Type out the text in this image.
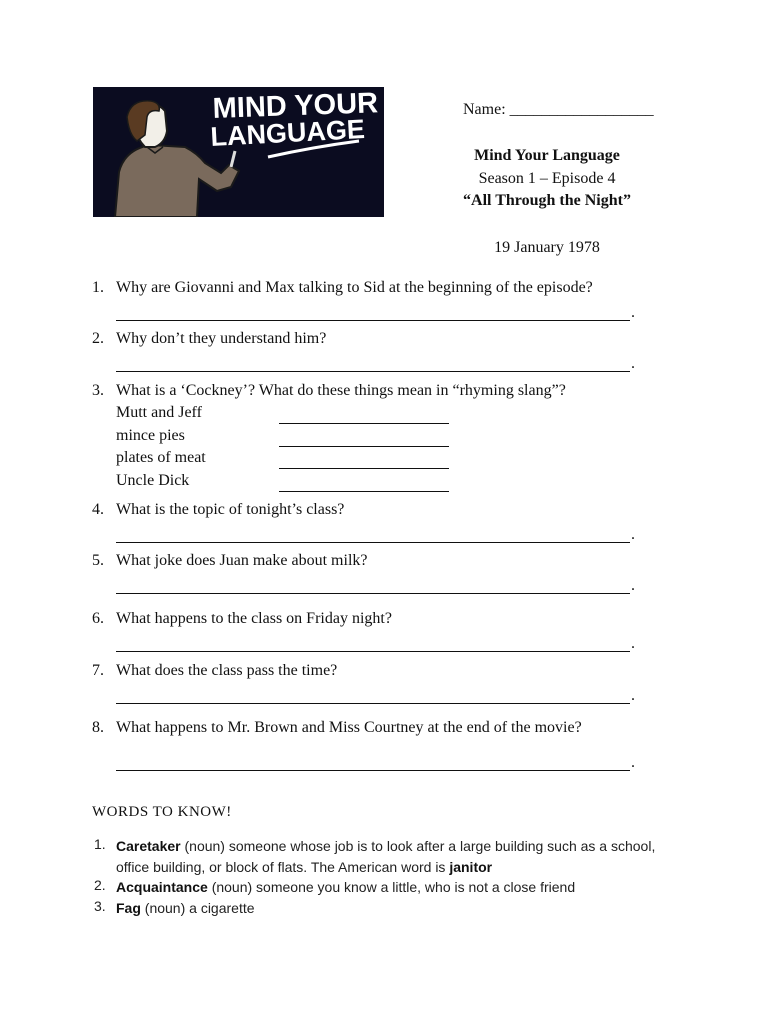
MIND YOUR
LANGUAGE
Name: __________________
Mind Your Language
Season 1 – Episode 4
“All Through the Night”
19 January 1978
1. Why are Giovanni and Max talking to Sid at the beginning of the episode?
.
2. Why don’t they understand him?
.
3. What is a ‘Cockney’? What do these things mean in “rhyming slang”?
Mutt and Jeff
mince pies
plates of meat
Uncle Dick
4. What is the topic of tonight’s class?
.
5. What joke does Juan make about milk?
.
6. What happens to the class on Friday night?
.
7. What does the class pass the time?
.
8. What happens to Mr. Brown and Miss Courtney at the end of the movie?
.
WORDS TO KNOW!
1. Caretaker (noun) someone whose job is to look after a large building such as a school, office building, or block of flats. The American word is janitor
2. Acquaintance (noun) someone you know a little, who is not a close friend
3. Fag (noun) a cigarette
